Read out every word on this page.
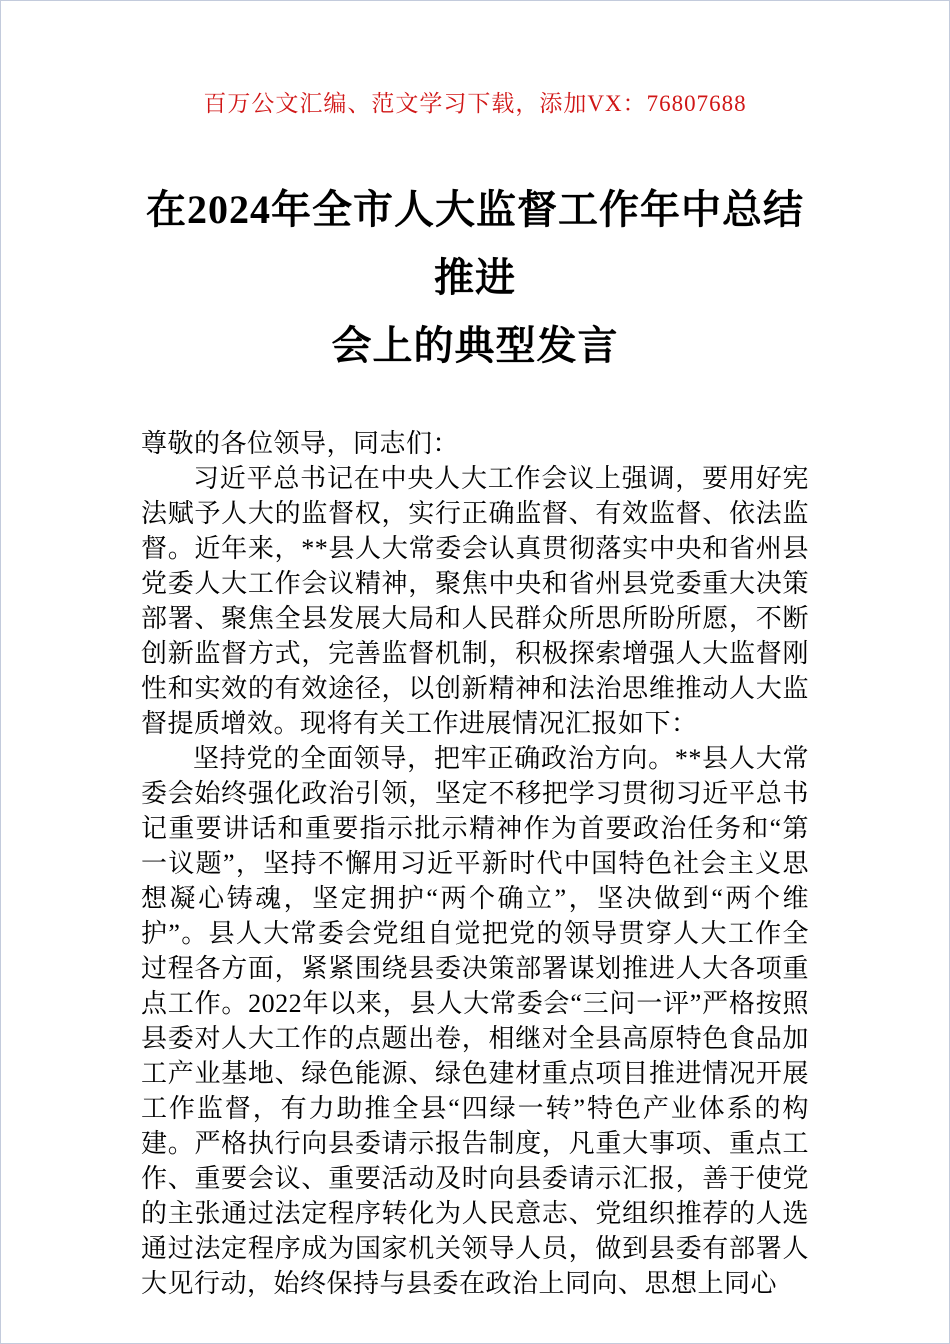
百万公文汇编、范文学习下载，添加VX：76807688
在2024年全市人大监督工作年中总结推进
会上的典型发言

尊敬的各位领导，同志们：

习近平总书记在中央人大工作会议上强调，要用好宪法赋予人大的监督权，实行正确监督、有效监督、依法监督。近年来，**县人大常委会认真贯彻落实中央和省州县党委人大工作会议精神，聚焦中央和省州县党委重大决策部署、聚焦全县发展大局和人民群众所思所盼所愿，不断创新监督方式，完善监督机制，积极探索增强人大监督刚性和实效的有效途径，以创新精神和法治思维推动人大监督提质增效。现将有关工作进展情况汇报如下：

坚持党的全面领导，把牢正确政治方向。**县人大常委会始终强化政治引领，坚定不移把学习贯彻习近平总书记重要讲话和重要指示批示精神作为首要政治任务和“第一议题”，坚持不懈用习近平新时代中国特色社会主义思想凝心铸魂，坚定拥护“两个确立”，坚决做到“两个维护”。县人大常委会党组自觉把党的领导贯穿人大工作全过程各方面，紧紧围绕县委决策部署谋划推进人大各项重点工作。2022年以来，县人大常委会“三问一评”严格按照县委对人大工作的点题出卷，相继对全县高原特色食品加工产业基地、绿色能源、绿色建材重点项目推进情况开展工作监督，有力助推全县“四绿一转”特色产业体系的构建。严格执行向县委请示报告制度，凡重大事项、重点工作、重要会议、重要活动及时向县委请示汇报，善于使党的主张通过法定程序转化为人民意志、党组织推荐的人选通过法定程序成为国家机关领导人员，做到县委有部署人大见行动，始终保持与县委在政治上同向、思想上同心
